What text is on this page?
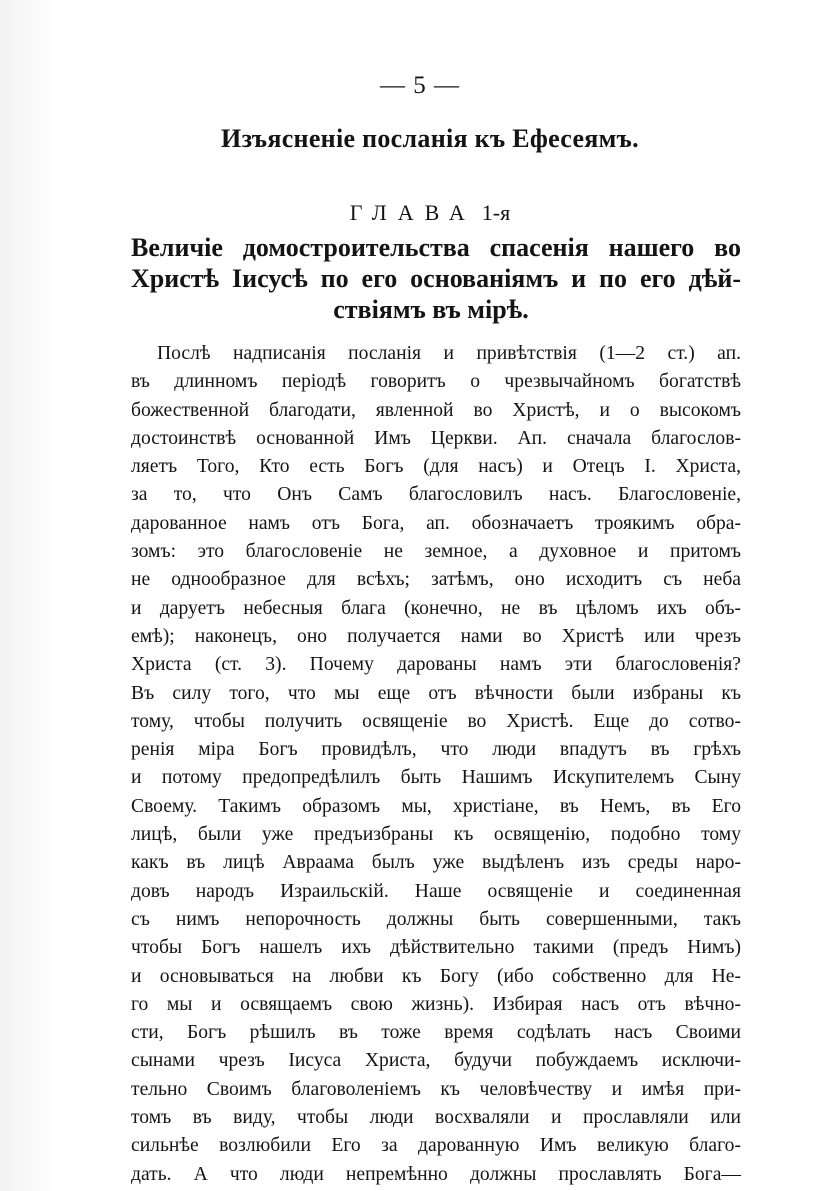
— 5 —
Изъясненіе посланія къ Ефесеямъ.
ГЛАВА 1-я
Величіе домостроительства спасенія нашего во
Христѣ Іисусѣ по его основаніямъ и по его дѣй-
ствіямъ въ мірѣ.
Послѣ надписанія посланія и привѣтствія (1—2 ст.) ап.
въ длинномъ періодѣ говоритъ о чрезвычайномъ богатствѣ
божественной благодати, явленной во Христѣ, и о высокомъ
достоинствѣ основанной Имъ Церкви. Ап. сначала благослов-
ляетъ Того, Кто есть Богъ (для насъ) и Отецъ І. Христа,
за то, что Онъ Самъ благословилъ насъ. Благословеніе,
дарованное намъ отъ Бога, ап. обозначаетъ троякимъ обра-
зомъ: это благословеніе не земное, а духовное и притомъ
не однообразное для всѣхъ; затѣмъ, оно исходитъ съ неба
и даруетъ небесныя блага (конечно, не въ цѣломъ ихъ объ-
емѣ); наконецъ, оно получается нами во Христѣ или чрезъ
Христа (ст. 3). Почему дарованы намъ эти благословенія?
Въ силу того, что мы еще отъ вѣчности были избраны къ
тому, чтобы получить освященіе во Христѣ. Еще до сотво-
ренія міра Богъ провидѣлъ, что люди впадутъ въ грѣхъ
и потому предопредѣлилъ быть Нашимъ Искупителемъ Сыну
Своему. Такимъ образомъ мы, христіане, въ Немъ, въ Его
лицѣ, были уже предъизбраны къ освященію, подобно тому
какъ въ лицѣ Авраама былъ уже выдѣленъ изъ среды наро-
довъ народъ Израильскій. Наше освященіе и соединенная
съ нимъ непорочность должны быть совершенными, такъ
чтобы Богъ нашелъ ихъ дѣйствительно такими (предъ Нимъ)
и основываться на любви къ Богу (ибо собственно для Не-
го мы и освящаемъ свою жизнь). Избирая насъ отъ вѣчно-
сти, Богъ рѣшилъ въ тоже время содѣлать насъ Своими
сынами чрезъ Іисуса Христа, будучи побуждаемъ исключи-
тельно Своимъ благоволеніемъ къ человѣчеству и имѣя при-
томъ въ виду, чтобы люди восхваляли и прославляли или
сильнѣе возлюбили Его за дарованную Имъ великую благо-
дать. А что люди непремѣнно должны прославлять Бога—
